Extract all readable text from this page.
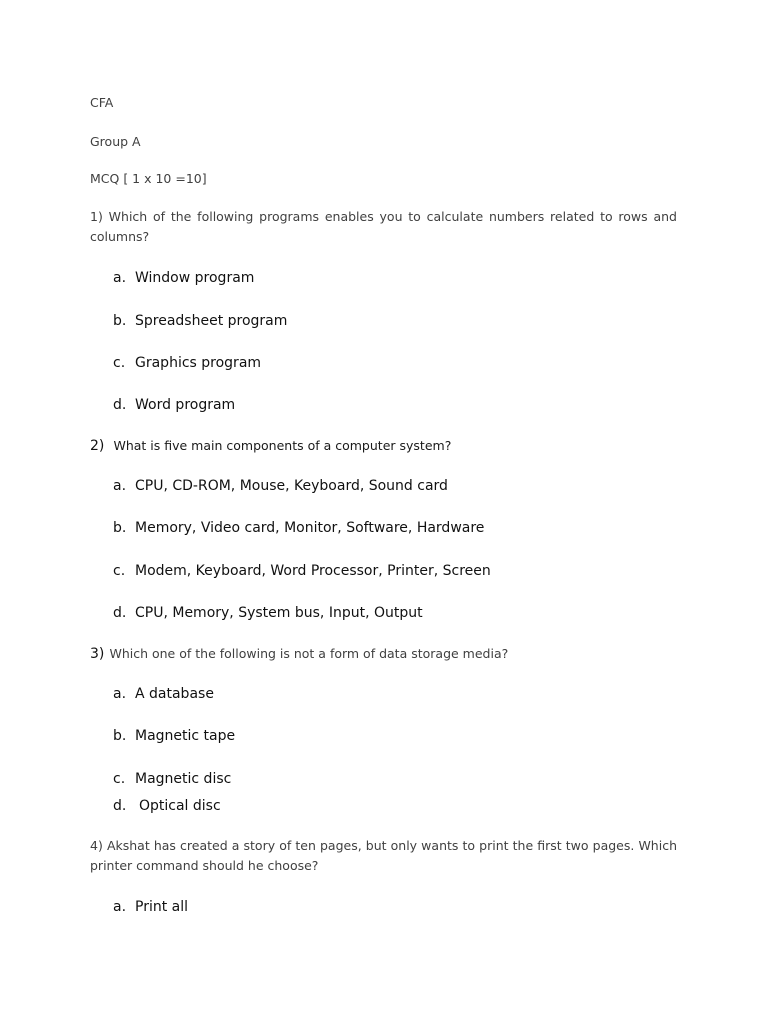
CFA
Group A
MCQ [ 1 x 10 =10]
1) Which of the following programs enables you to calculate numbers related to rows and columns?
a. Window program
b. Spreadsheet program
c. Graphics program
d. Word program
2) What is five main components of a computer system?
a. CPU, CD-ROM, Mouse, Keyboard, Sound card
b. Memory, Video card, Monitor, Software, Hardware
c. Modem, Keyboard, Word Processor, Printer, Screen
d. CPU, Memory, System bus, Input, Output
3) Which one of the following is not a form of data storage media?
a. A database
b. Magnetic tape
c. Magnetic disc
d. Optical disc
4) Akshat has created a story of ten pages, but only wants to print the first two pages. Which printer command should he choose?
a. Print all
